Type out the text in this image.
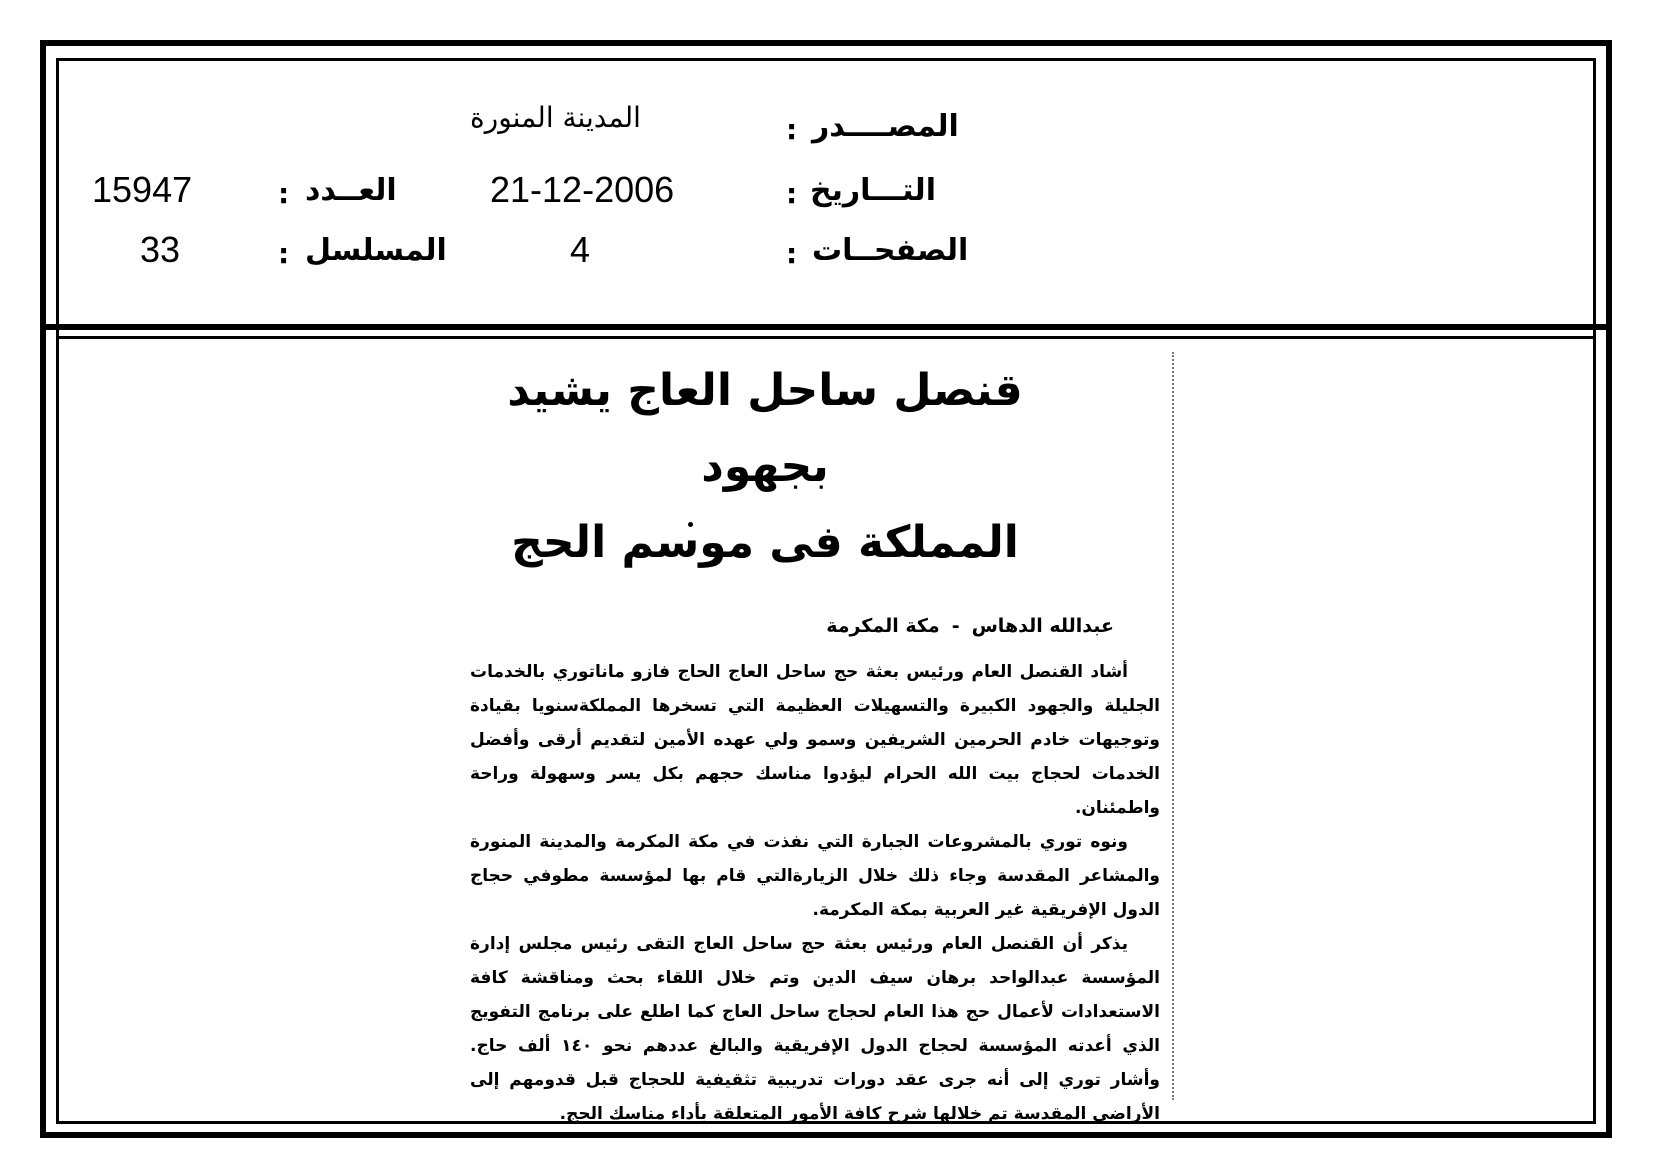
المصــــدر
:
المدينة المنورة
التـــاريخ
:
21-12-2006
العــدد
:
15947
الصفحــات
:
4
المسلسل
:
33
قنصل ساحل العاج يشيد بجهود
المملكة فى موسم الحج
عبدالله الدهاس-مكة المكرمة

أشاد القنصل العام ورئيس بعثة حج ساحل العاج الحاج فازو ماناتوري بالخدمات الجليلة والجهود الكبيرة والتسهيلات العظيمة التي تسخرها المملكةسنويا بقيادة وتوجيهات خادم الحرمين الشريفين وسمو ولي عهده الأمين لتقديم أرقى وأفضل الخدمات لحجاج بيت الله الحرام ليؤدوا مناسك حجهم بكل يسر وسهولة وراحة واطمئنان.

ونوه توري بالمشروعات الجبارة التي نفذت في مكة المكرمة والمدينة المنورة والمشاعر المقدسة وجاء ذلك خلال الزيارةالتي قام بها لمؤسسة مطوفي حجاج الدول الإفريقية غير العربية بمكة المكرمة.

يذكر أن القنصل العام ورئيس بعثة حج ساحل العاج التقى رئيس مجلس إدارة المؤسسة عبدالواحد برهان سيف الدين وتم خلال اللقاء بحث ومناقشة كافة الاستعدادات لأعمال حج هذا العام لحجاج ساحل العاج كما اطلع على برنامج التفويج الذي أعدته المؤسسة لحجاج الدول الإفريقية والبالغ عددهم نحو ١٤٠ ألف حاج. وأشار توري إلى أنه جرى عقد دورات تدريبية تثقيفية للحجاج قبل قدومهم إلى الأراضي المقدسة تم خلالها شرح كافة الأمور المتعلقة بأداء مناسك الحج.
